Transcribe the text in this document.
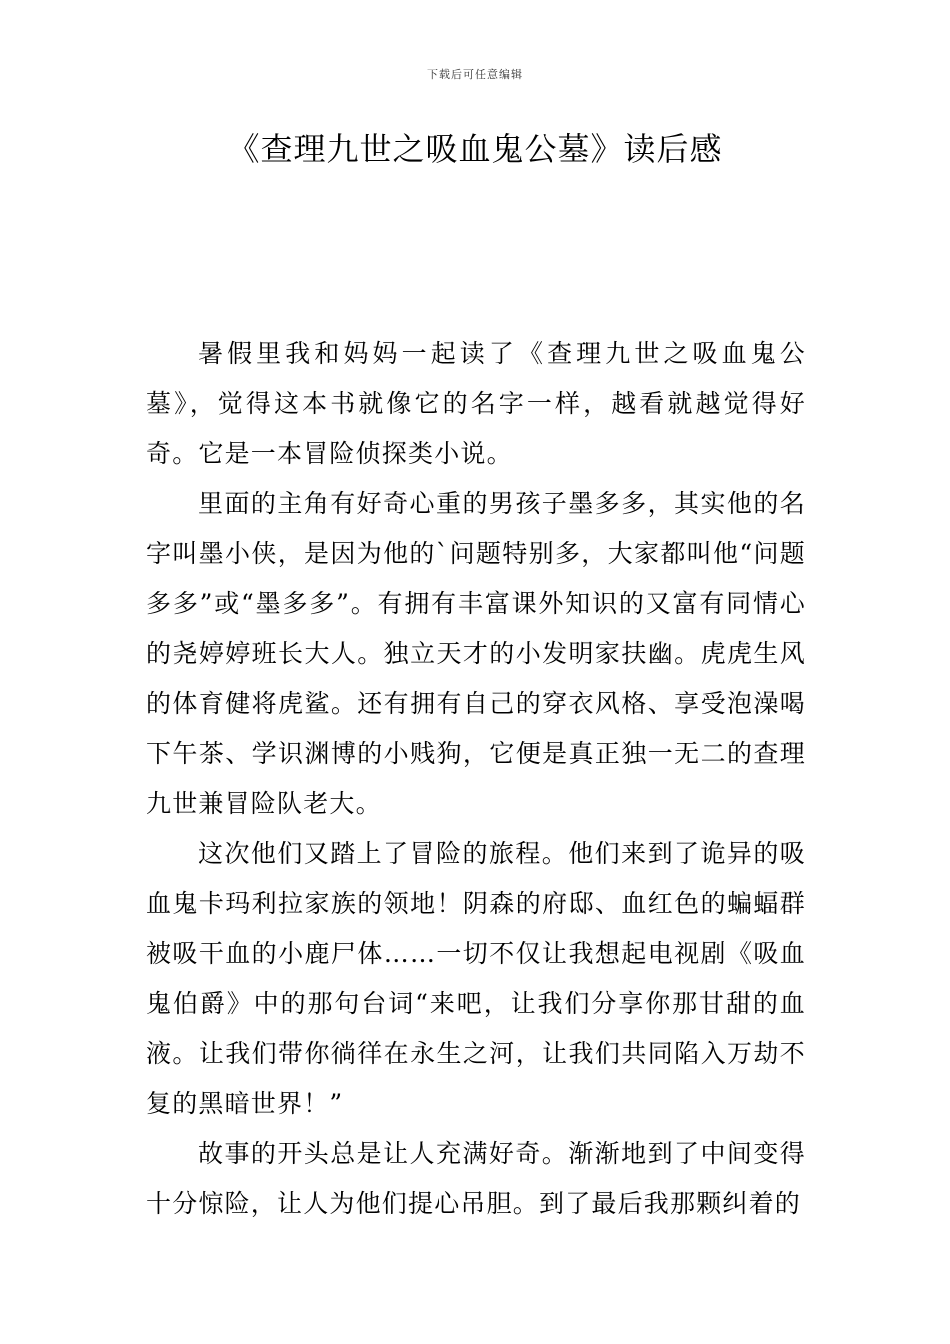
下载后可任意编辑
《查理九世之吸血鬼公墓》读后感

暑假里我和妈妈一起读了《查理九世之吸血鬼公墓》，觉得这本书就像它的名字一样，越看就越觉得好奇。它是一本冒险侦探类小说。

里面的主角有好奇心重的男孩子墨多多，其实他的名字叫墨小侠，是因为他的`问题特别多，大家都叫他“问题多多”或“墨多多”。有拥有丰富课外知识的又富有同情心的尧婷婷班长大人。独立天才的小发明家扶幽。虎虎生风的体育健将虎鲨。还有拥有自己的穿衣风格、享受泡澡喝下午茶、学识渊博的小贱狗，它便是真正独一无二的查理九世兼冒险队老大。

这次他们又踏上了冒险的旅程。他们来到了诡异的吸血鬼卡玛利拉家族的领地！阴森的府邸、血红色的蝙蝠群被吸干血的小鹿尸体……一切不仅让我想起电视剧《吸血鬼伯爵》中的那句台词“来吧，让我们分享你那甘甜的血液。让我们带你徜徉在永生之河，让我们共同陷入万劫不复的黑暗世界！”

故事的开头总是让人充满好奇。渐渐地到了中间变得十分惊险，让人为他们提心吊胆。到了最后我那颗纠着的
